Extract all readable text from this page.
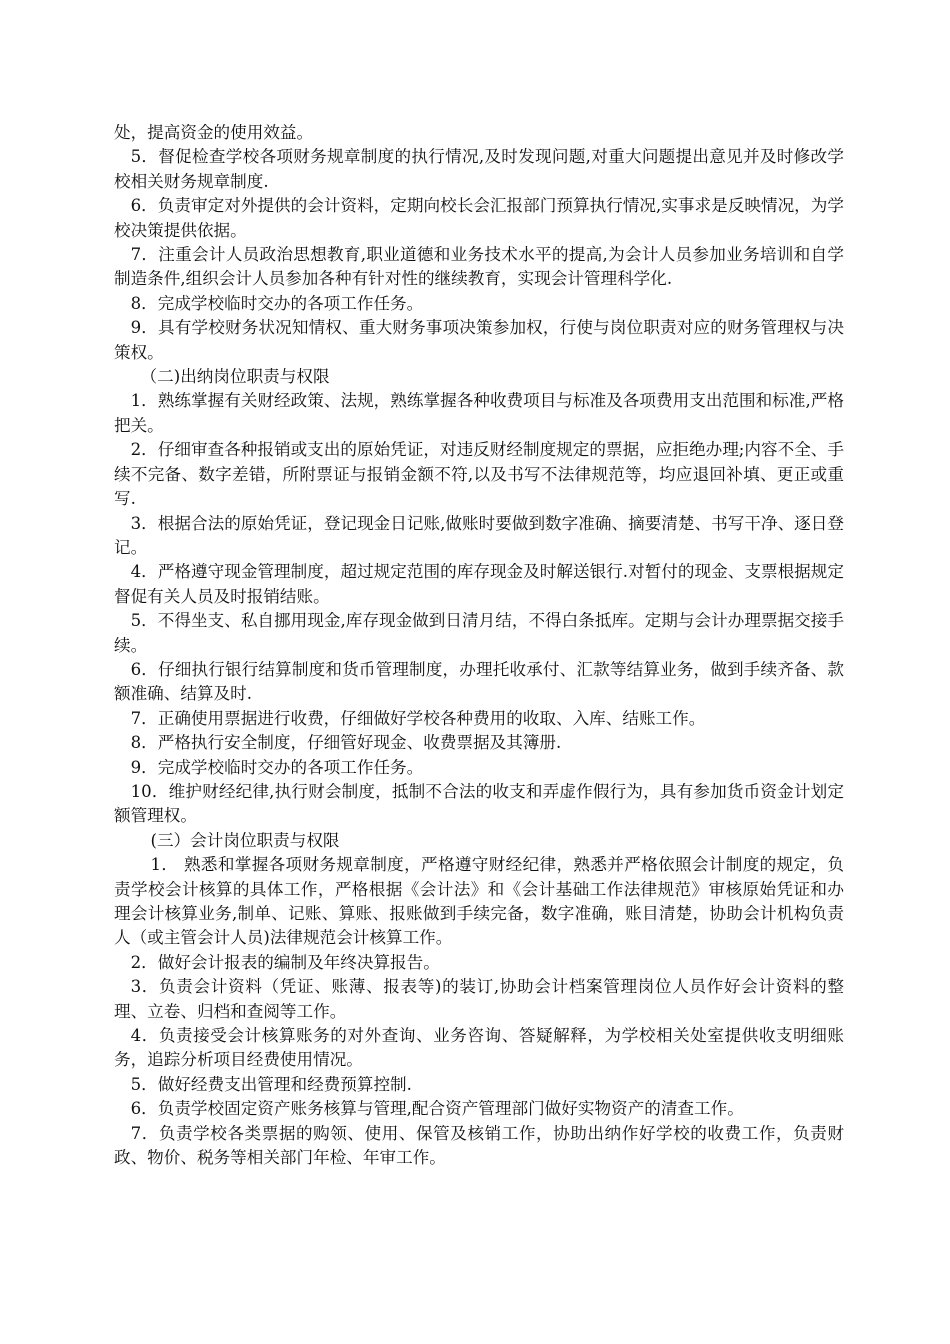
处，提高资金的使用效益。

5．督促检查学校各项财务规章制度的执行情况,及时发现问题,对重大问题提出意见并及时修改学校相关财务规章制度.

6．负责审定对外提供的会计资料，定期向校长会汇报部门预算执行情况,实事求是反映情况，为学校决策提供依据。

7．注重会计人员政治思想教育,职业道德和业务技术水平的提高,为会计人员参加业务培训和自学制造条件,组织会计人员参加各种有针对性的继续教育，实现会计管理科学化.

8．完成学校临时交办的各项工作任务。

9．具有学校财务状况知情权、重大财务事项决策参加权，行使与岗位职责对应的财务管理权与决策权。

（二)出纳岗位职责与权限

1．熟练掌握有关财经政策、法规，熟练掌握各种收费项目与标准及各项费用支出范围和标准,严格把关。

2．仔细审查各种报销或支出的原始凭证，对违反财经制度规定的票据，应拒绝办理;内容不全、手续不完备、数字差错，所附票证与报销金额不符,以及书写不法律规范等，均应退回补填、更正或重写.

3．根据合法的原始凭证，登记现金日记账,做账时要做到数字准确、摘要清楚、书写干净、逐日登记。

4．严格遵守现金管理制度，超过规定范围的库存现金及时解送银行.对暂付的现金、支票根据规定督促有关人员及时报销结账。

5．不得坐支、私自挪用现金,库存现金做到日清月结，不得白条抵库。定期与会计办理票据交接手续。

6．仔细执行银行结算制度和货币管理制度，办理托收承付、汇款等结算业务，做到手续齐备、款额准确、结算及时.

7．正确使用票据进行收费，仔细做好学校各种费用的收取、入库、结账工作。

8．严格执行安全制度，仔细管好现金、收费票据及其簿册.

9．完成学校临时交办的各项工作任务。

10．维护财经纪律,执行财会制度，抵制不合法的收支和弄虚作假行为，具有参加货币资金计划定额管理权。

(三）会计岗位职责与权限

1． 熟悉和掌握各项财务规章制度，严格遵守财经纪律，熟悉并严格依照会计制度的规定，负责学校会计核算的具体工作，严格根据《会计法》和《会计基础工作法律规范》审核原始凭证和办理会计核算业务,制单、记账、算账、报账做到手续完备，数字准确，账目清楚，协助会计机构负责人（或主管会计人员)法律规范会计核算工作。

2．做好会计报表的编制及年终决算报告。

3．负责会计资料（凭证、账薄、报表等)的装订,协助会计档案管理岗位人员作好会计资料的整理、立卷、归档和查阅等工作。

4．负责接受会计核算账务的对外查询、业务咨询、答疑解释，为学校相关处室提供收支明细账务，追踪分析项目经费使用情况。

5．做好经费支出管理和经费预算控制.

6．负责学校固定资产账务核算与管理,配合资产管理部门做好实物资产的清查工作。

7．负责学校各类票据的购领、使用、保管及核销工作，协助出纳作好学校的收费工作，负责财政、物价、税务等相关部门年检、年审工作。
